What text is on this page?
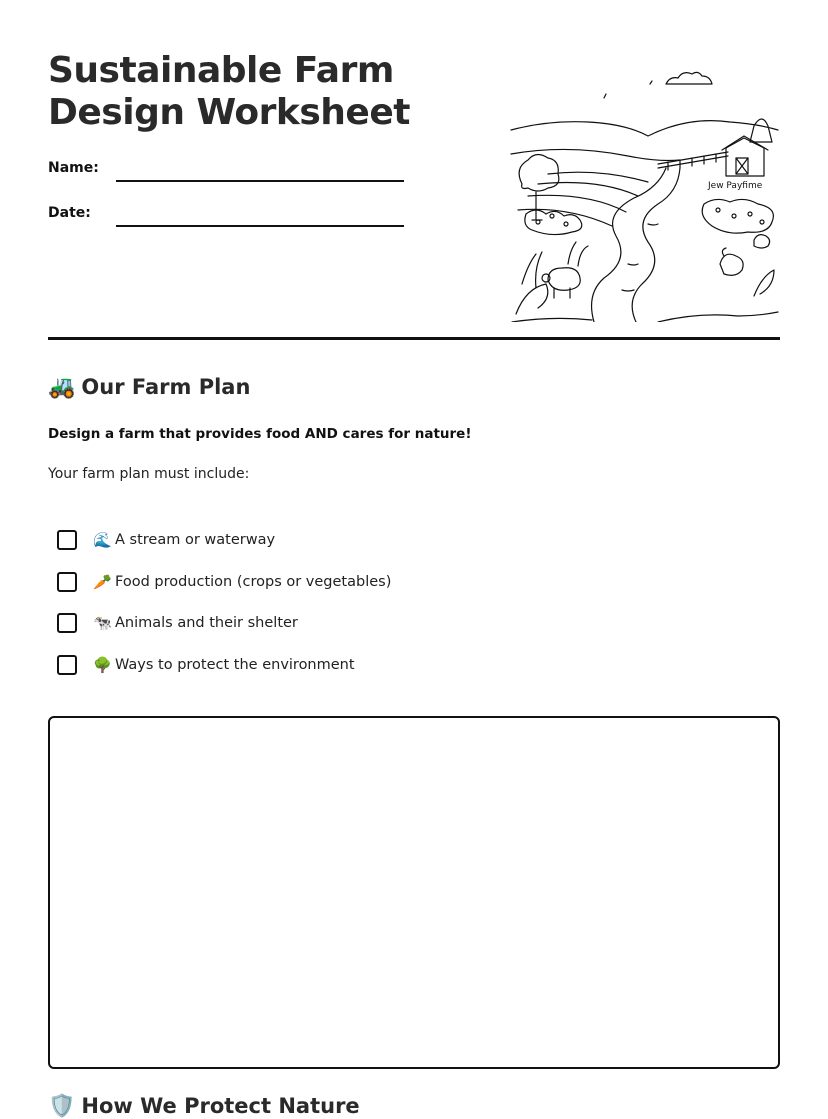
Sustainable Farm
Design Worksheet
Name:
Date:
Jew Payfime
🚜 Our Farm Plan
Design a farm that provides food AND cares for nature!
Your farm plan must include:
🌊 A stream or waterway
🥕 Food production (crops or vegetables)
🐄 Animals and their shelter
🌳 Ways to protect the environment
🛡️ How We Protect Nature
